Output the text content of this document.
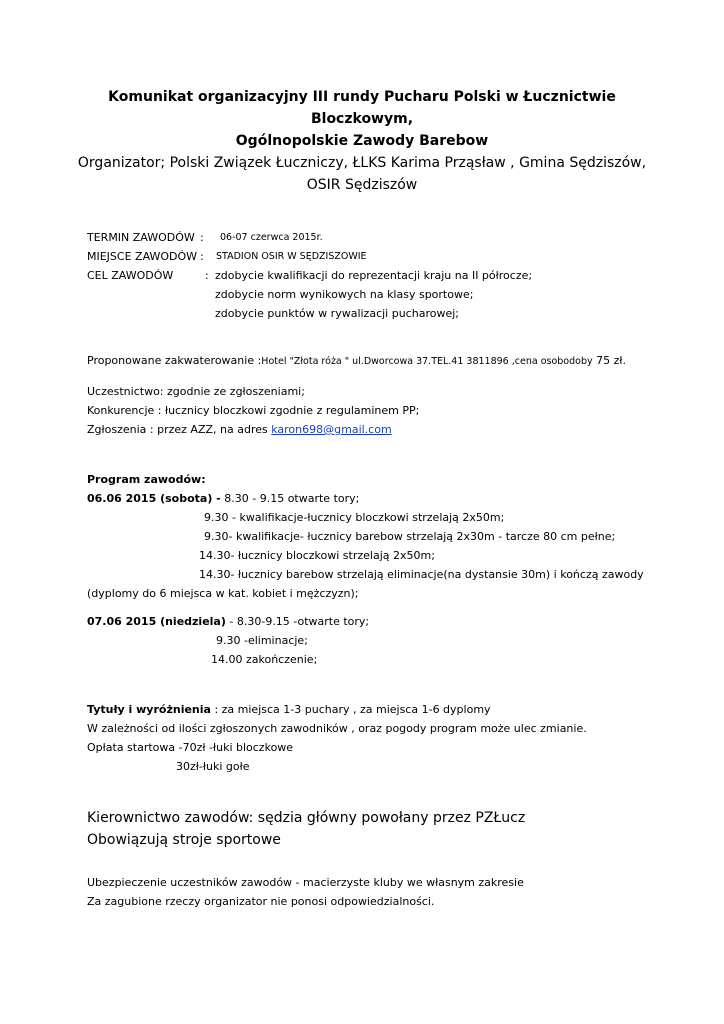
Komunikat organizacyjny III rundy Pucharu Polski w Łucznictwie Bloczkowym,
Ogólnopolskie Zawody Barebow
Organizator; Polski Związek Łuczniczy, ŁLKS Karima Prząsław , Gmina Sędziszów,
OSIR Sędziszów
TERMIN ZAWODÓW :	06-07 czerwca 2015r.
MIEJSCE ZAWODÓW :	STADION OSIR W SĘDZISZOWIE
CEL ZAWODÓW	: zdobycie kwalifikacji do reprezentacji kraju na II półrocze;
zdobycie norm wynikowych na klasy sportowe;
zdobycie punktów w rywalizacji pucharowej;
Proponowane zakwaterowanie :Hotel "Złota róża " ul.Dworcowa 37.TEL.41 3811896 ,cena osobodoby 75 zł.
Uczestnictwo: zgodnie ze zgłoszeniami;
Konkurencje : łucznicy bloczkowi zgodnie z regulaminem PP;
Zgłoszenia : przez AZZ, na adres karon698@gmail.com
Program zawodów:
06.06 2015 (sobota) - 8.30 - 9.15 otwarte tory;
9.30 - kwalifikacje-łucznicy bloczkowi strzelają 2x50m;
9.30- kwalifikacje- łucznicy barebow strzelają 2x30m - tarcze 80 cm pełne;
14.30- łucznicy bloczkowi strzelają 2x50m;
14.30- łucznicy barebow strzelają eliminacje(na dystansie 30m) i kończą zawody
(dyplomy do 6 miejsca w kat. kobiet i mężczyzn);
07.06 2015 (niedziela) - 8.30-9.15 -otwarte tory;
9.30 -eliminacje;
14.00 zakończenie;
Tytuły i wyróżnienia : za miejsca 1-3 puchary , za miejsca 1-6 dyplomy
W zależności od ilości zgłoszonych zawodników , oraz pogody program może ulec zmianie.
Opłata startowa -70zł -łuki bloczkowe
30zł-łuki gołe
Kierownictwo zawodów: sędzia główny powołany przez PZŁucz
Obowiązują stroje sportowe
Ubezpieczenie uczestników zawodów - macierzyste kluby we własnym zakresie
Za zagubione rzeczy organizator nie ponosi odpowiedzialności.
